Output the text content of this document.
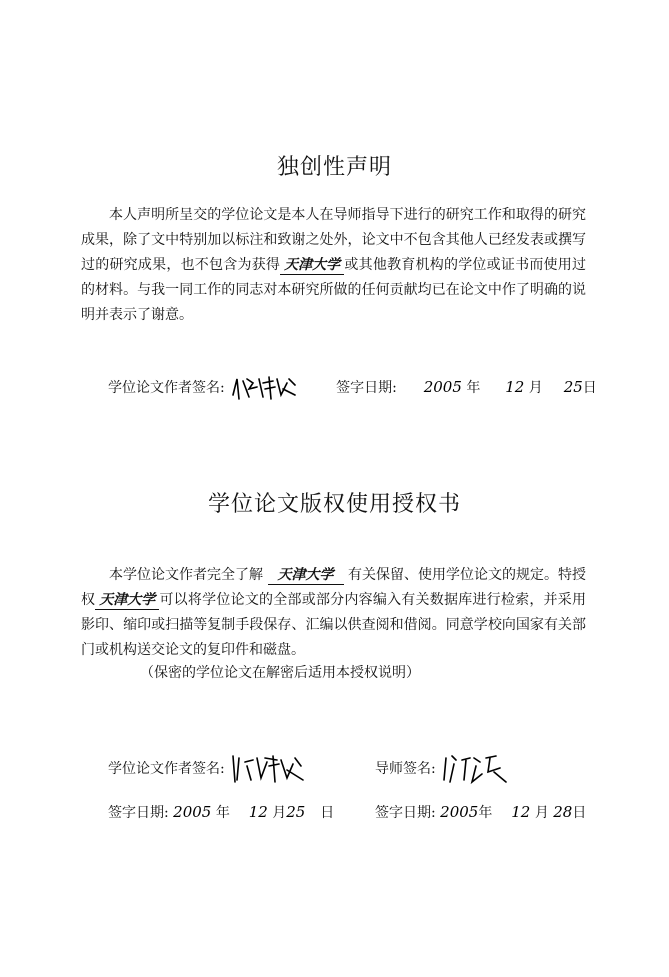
独创性声明

本人声明所呈交的学位论文是本人在导师指导下进行的研究工作和取得的研究成果，除了文中特别加以标注和致谢之处外，论文中不包含其他人已经发表或撰写过的研究成果，也不包含为获得 天津大学 或其他教育机构的学位或证书而使用过的材料。与我一同工作的同志对本研究所做的任何贡献均已在论文中作了明确的说明并表示了谢意。

学位论文作者签名:	签字日期: 2005 年 12 月 25日
学位论文版权使用授权书

本学位论文作者完全了解 天津大学 有关保留、使用学位论文的规定。特授权 天津大学 可以将学位论文的全部或部分内容编入有关数据库进行检索，并采用影印、缩印或扫描等复制手段保存、汇编以供查阅和借阅。同意学校向国家有关部门或机构送交论文的复印件和磁盘。

（保密的学位论文在解密后适用本授权说明）

学位论文作者签名:	导师签名:
签字日期: 2005 年 12 月25 日	签字日期: 2005年 12 月 28日
